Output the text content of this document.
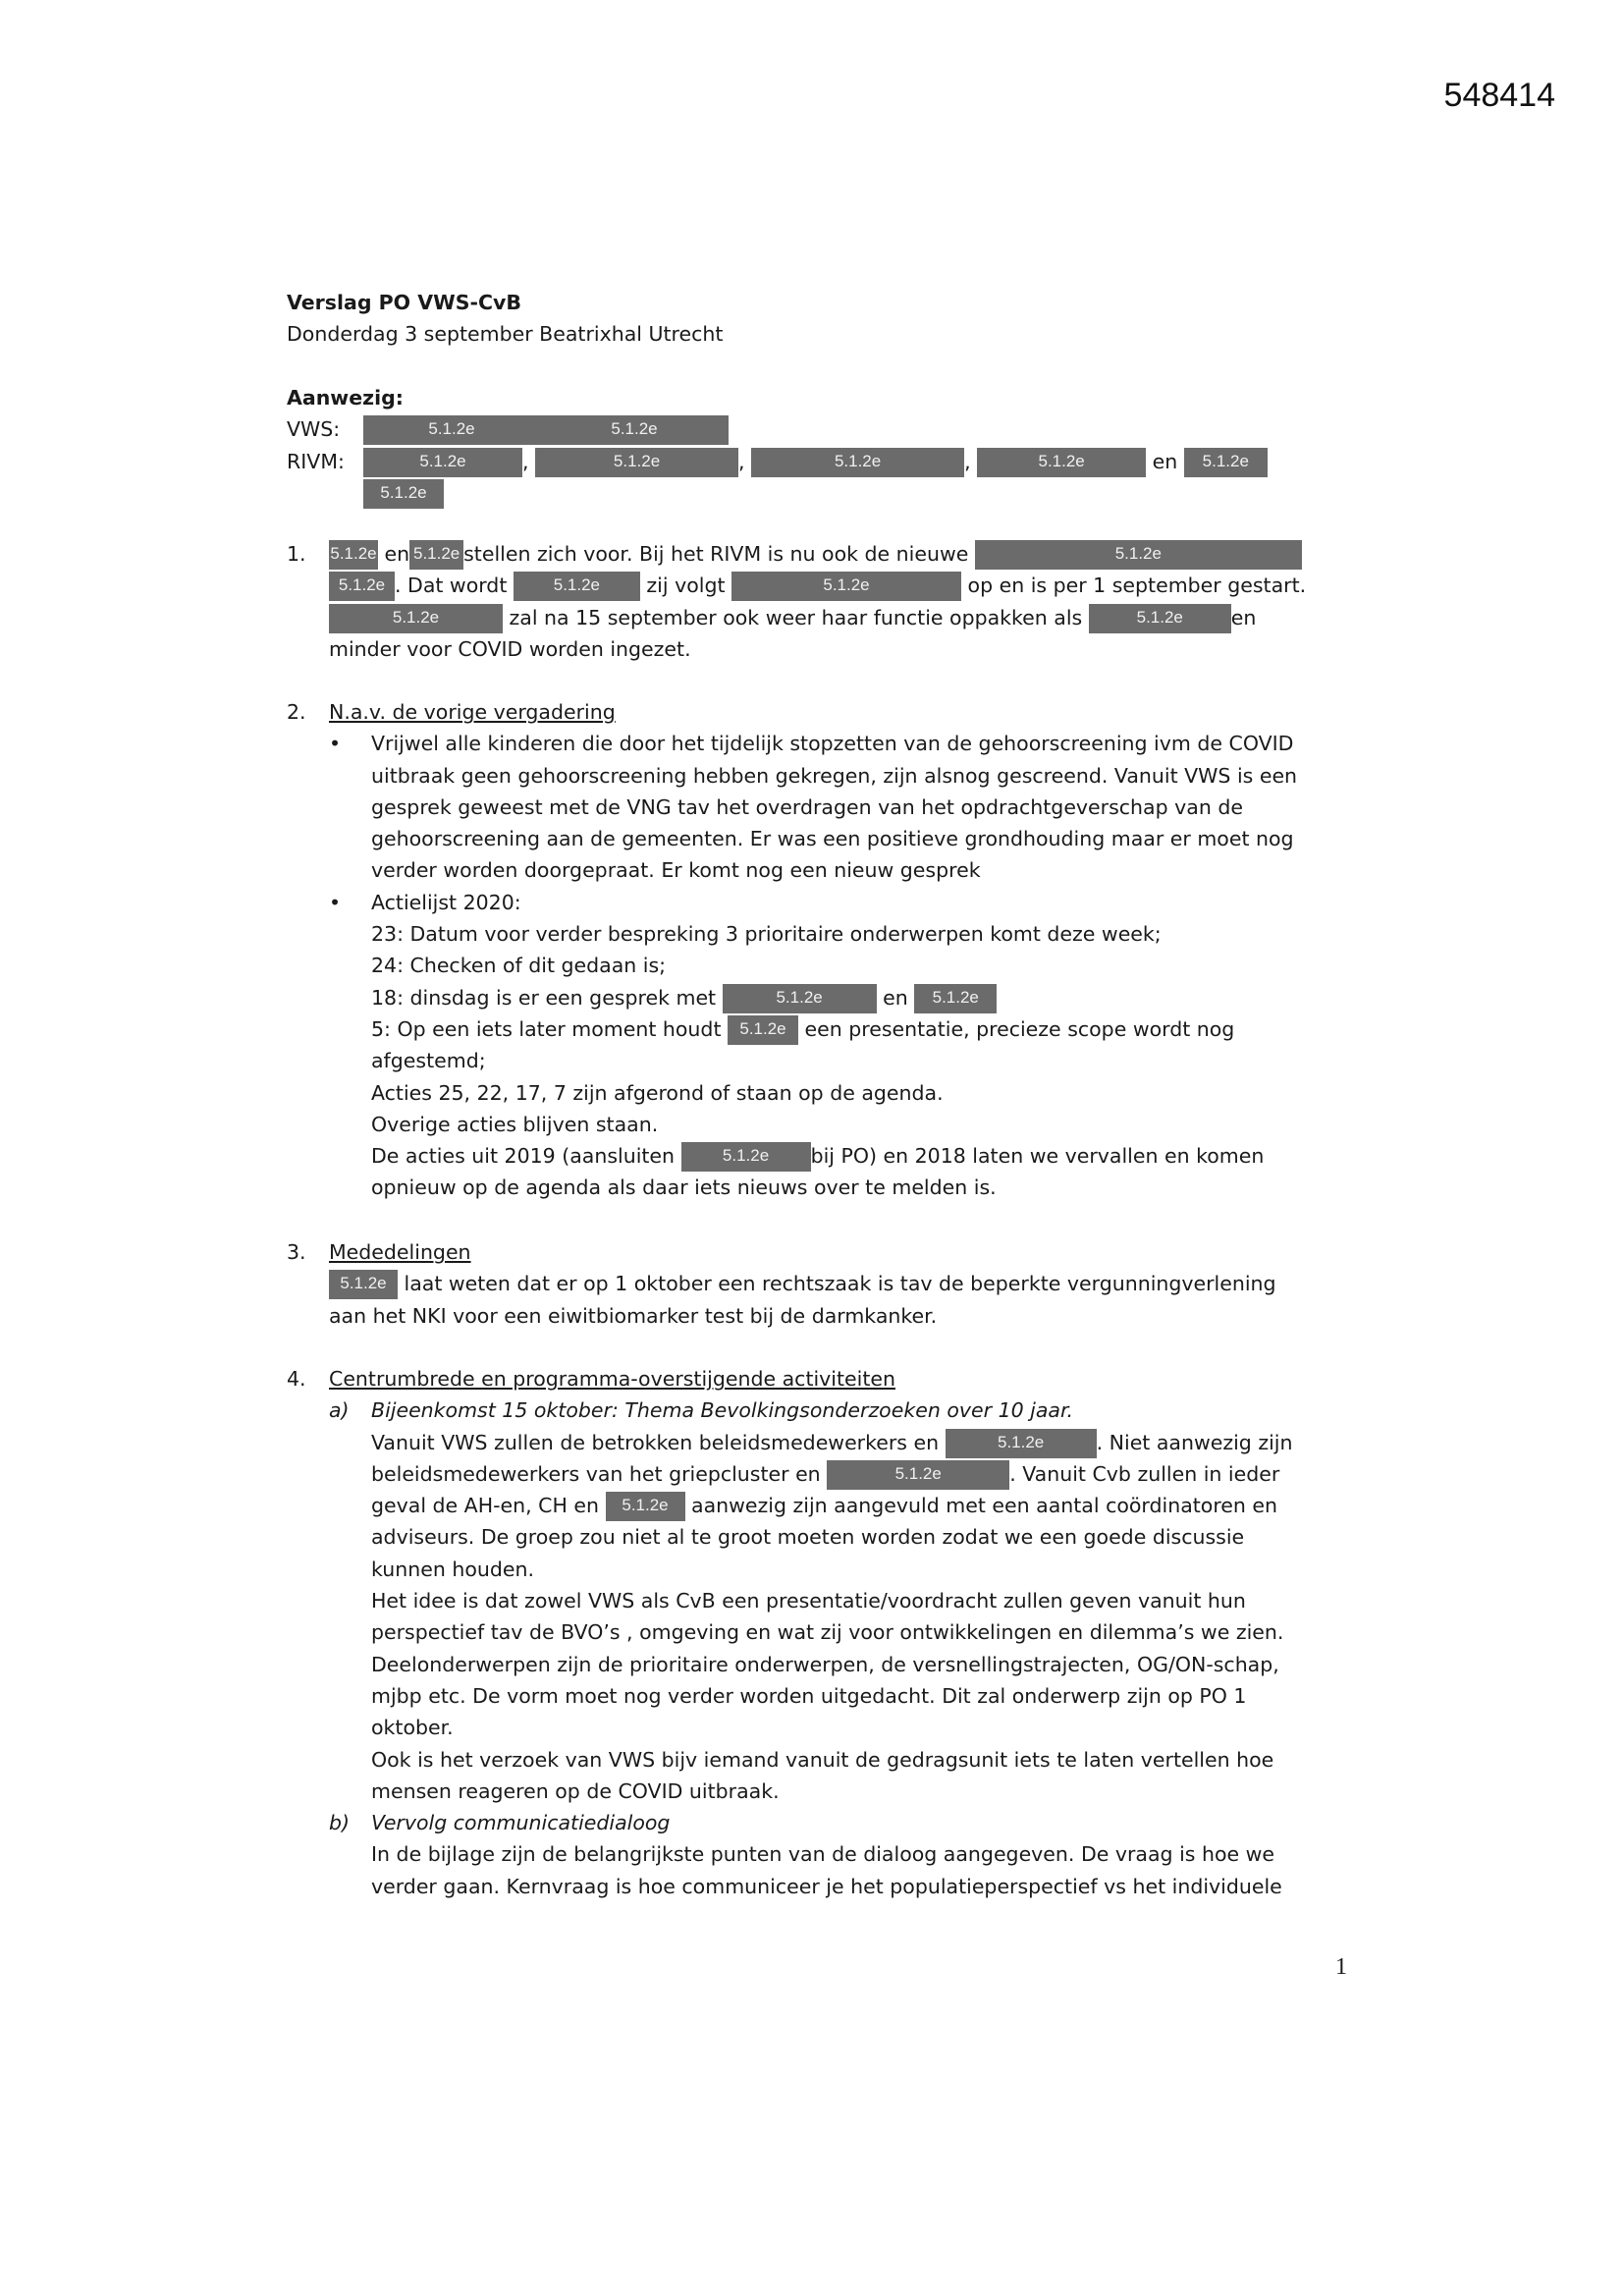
548414
Verslag PO VWS-CvB
Donderdag 3 september Beatrixhal Utrecht
Aanwezig:
VWS:	5.1.2e	5.1.2e
RIVM:	5.1.2e	,	5.1.2e	,	5.1.2e	,	5.1.2e	en 5.1.2e
5.1.2e
1. 5.1.2e en 5.1.2e stellen zich voor. Bij het RIVM is nu ook de nieuwe	5.1.2e
5.1.2e . Dat wordt 5.1.2e zij volgt	5.1.2e	op en is per 1 september gestart.
5.1.2e	zal na 15 september ook weer haar functie oppakken als	5.1.2e en
minder voor COVID worden ingezet.
2. N.a.v. de vorige vergadering
• Vrijwel alle kinderen die door het tijdelijk stopzetten van de gehoorscreening ivm de COVID
uitbraak geen gehoorscreening hebben gekregen, zijn alsnog gescreend. Vanuit VWS is een
gesprek geweest met de VNG tav het overdragen van het opdrachtgeverschap van de
gehoorscreening aan de gemeenten. Er was een positieve grondhouding maar er moet nog
verder worden doorgepraat. Er komt nog een nieuw gesprek
• Actielijst 2020:
23: Datum voor verder bespreking 3 prioritaire onderwerpen komt deze week;
24: Checken of dit gedaan is;
18: dinsdag is er een gesprek met	5.1.2e	en 5.1.2e
5: Op een iets later moment houdt 5.1.2e een presentatie, precieze scope wordt nog
afgestemd;
Acties 25, 22, 17, 7 zijn afgerond of staan op de agenda.
Overige acties blijven staan.
De acties uit 2019 (aansluiten 5.1.2e bij PO) en 2018 laten we vervallen en komen
opnieuw op de agenda als daar iets nieuws over te melden is.
3. Mededelingen
5.1.2e laat weten dat er op 1 oktober een rechtszaak is tav de beperkte vergunningverlening
aan het NKI voor een eiwitbiomarker test bij de darmkanker.
4. Centrumbrede en programma-overstijgende activiteiten
a) Bijeenkomst 15 oktober: Thema Bevolkingsonderzoeken over 10 jaar.
Vanuit VWS zullen de betrokken beleidsmedewerkers en	5.1.2e	. Niet aanwezig zijn
beleidsmedewerkers van het griepcluster en	5.1.2e	. Vanuit Cvb zullen in ieder
geval de AH-en, CH en 5.1.2e aanwezig zijn aangevuld met een aantal coördinatoren en
adviseurs. De groep zou niet al te groot moeten worden zodat we een goede discussie
kunnen houden.
Het idee is dat zowel VWS als CvB een presentatie/voordracht zullen geven vanuit hun
perspectief tav de BVO’s , omgeving en wat zij voor ontwikkelingen en dilemma’s we zien.
Deelonderwerpen zijn de prioritaire onderwerpen, de versnellingstrajecten, OG/ON-schap,
mjbp etc. De vorm moet nog verder worden uitgedacht. Dit zal onderwerp zijn op PO 1
oktober.
Ook is het verzoek van VWS bijv iemand vanuit de gedragsunit iets te laten vertellen hoe
mensen reageren op de COVID uitbraak.
b) Vervolg communicatiedialoog
In de bijlage zijn de belangrijkste punten van de dialoog aangegeven. De vraag is hoe we
verder gaan. Kernvraag is hoe communiceer je het populatieperspectief vs het individuele
1
